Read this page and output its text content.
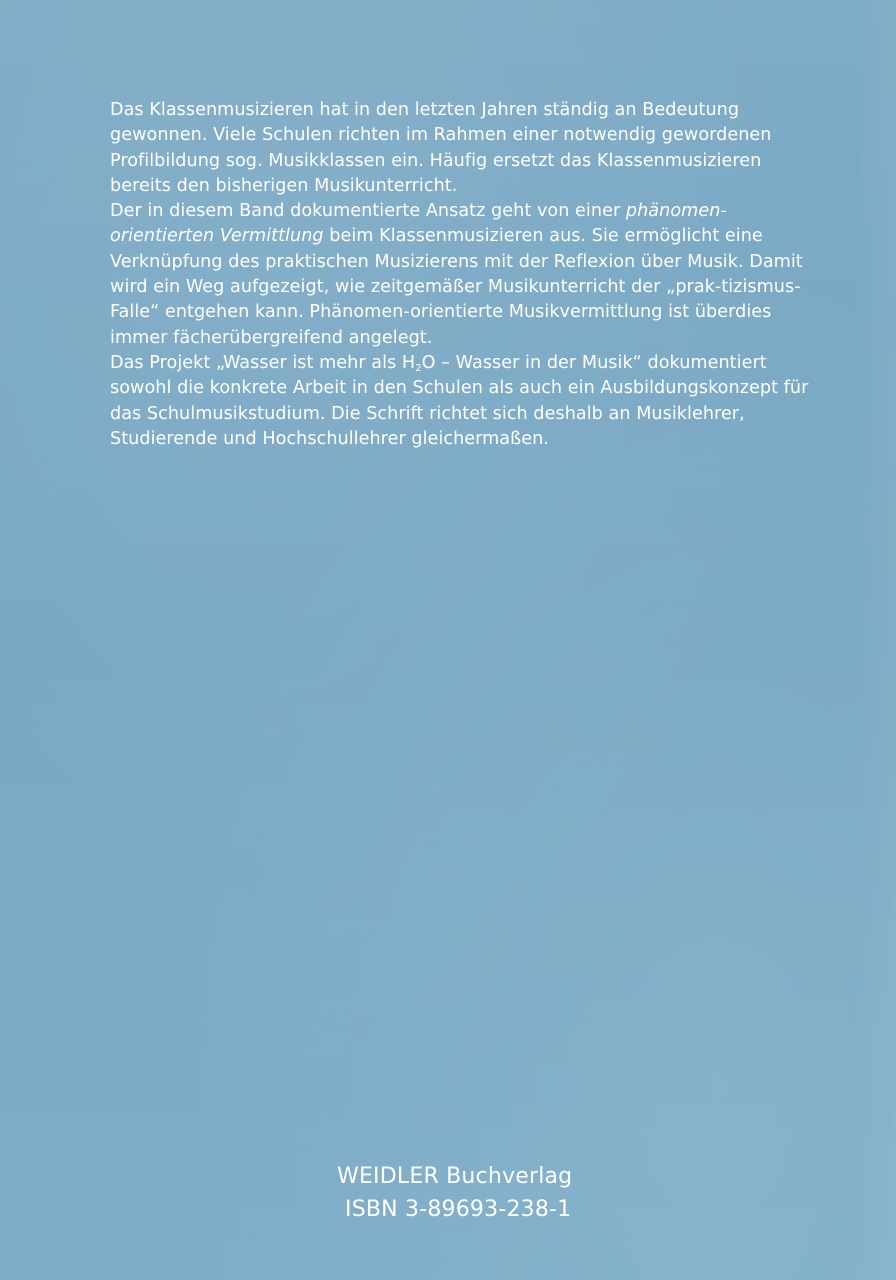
Das Klassenmusizieren hat in den letzten Jahren ständig an Bedeutung gewonnen. Viele Schulen richten im Rahmen einer notwendig gewordenen Profilbildung sog. Musikklassen ein. Häufig ersetzt das Klassenmusizieren bereits den bisherigen Musikunterricht.

Der in diesem Band dokumentierte Ansatz geht von einer phänomen-orientierten Vermittlung beim Klassenmusizieren aus. Sie ermöglicht eine Verknüpfung des praktischen Musizierens mit der Reflexion über Musik. Damit wird ein Weg aufgezeigt, wie zeitgemäßer Musikunterricht der „prak-tizismus-Falle“ entgehen kann. Phänomen-orientierte Musikvermittlung ist überdies immer fächerübergreifend angelegt.

Das Projekt „Wasser ist mehr als $H_2O$ – Wasser in der Musik“ dokumentiert sowohl die konkrete Arbeit in den Schulen als auch ein Ausbildungskonzept für das Schulmusikstudium. Die Schrift richtet sich deshalb an Musiklehrer, Studierende und Hochschullehrer gleichermaßen.

WEIDLER Buchverlag
ISBN 3-89693-238-1
